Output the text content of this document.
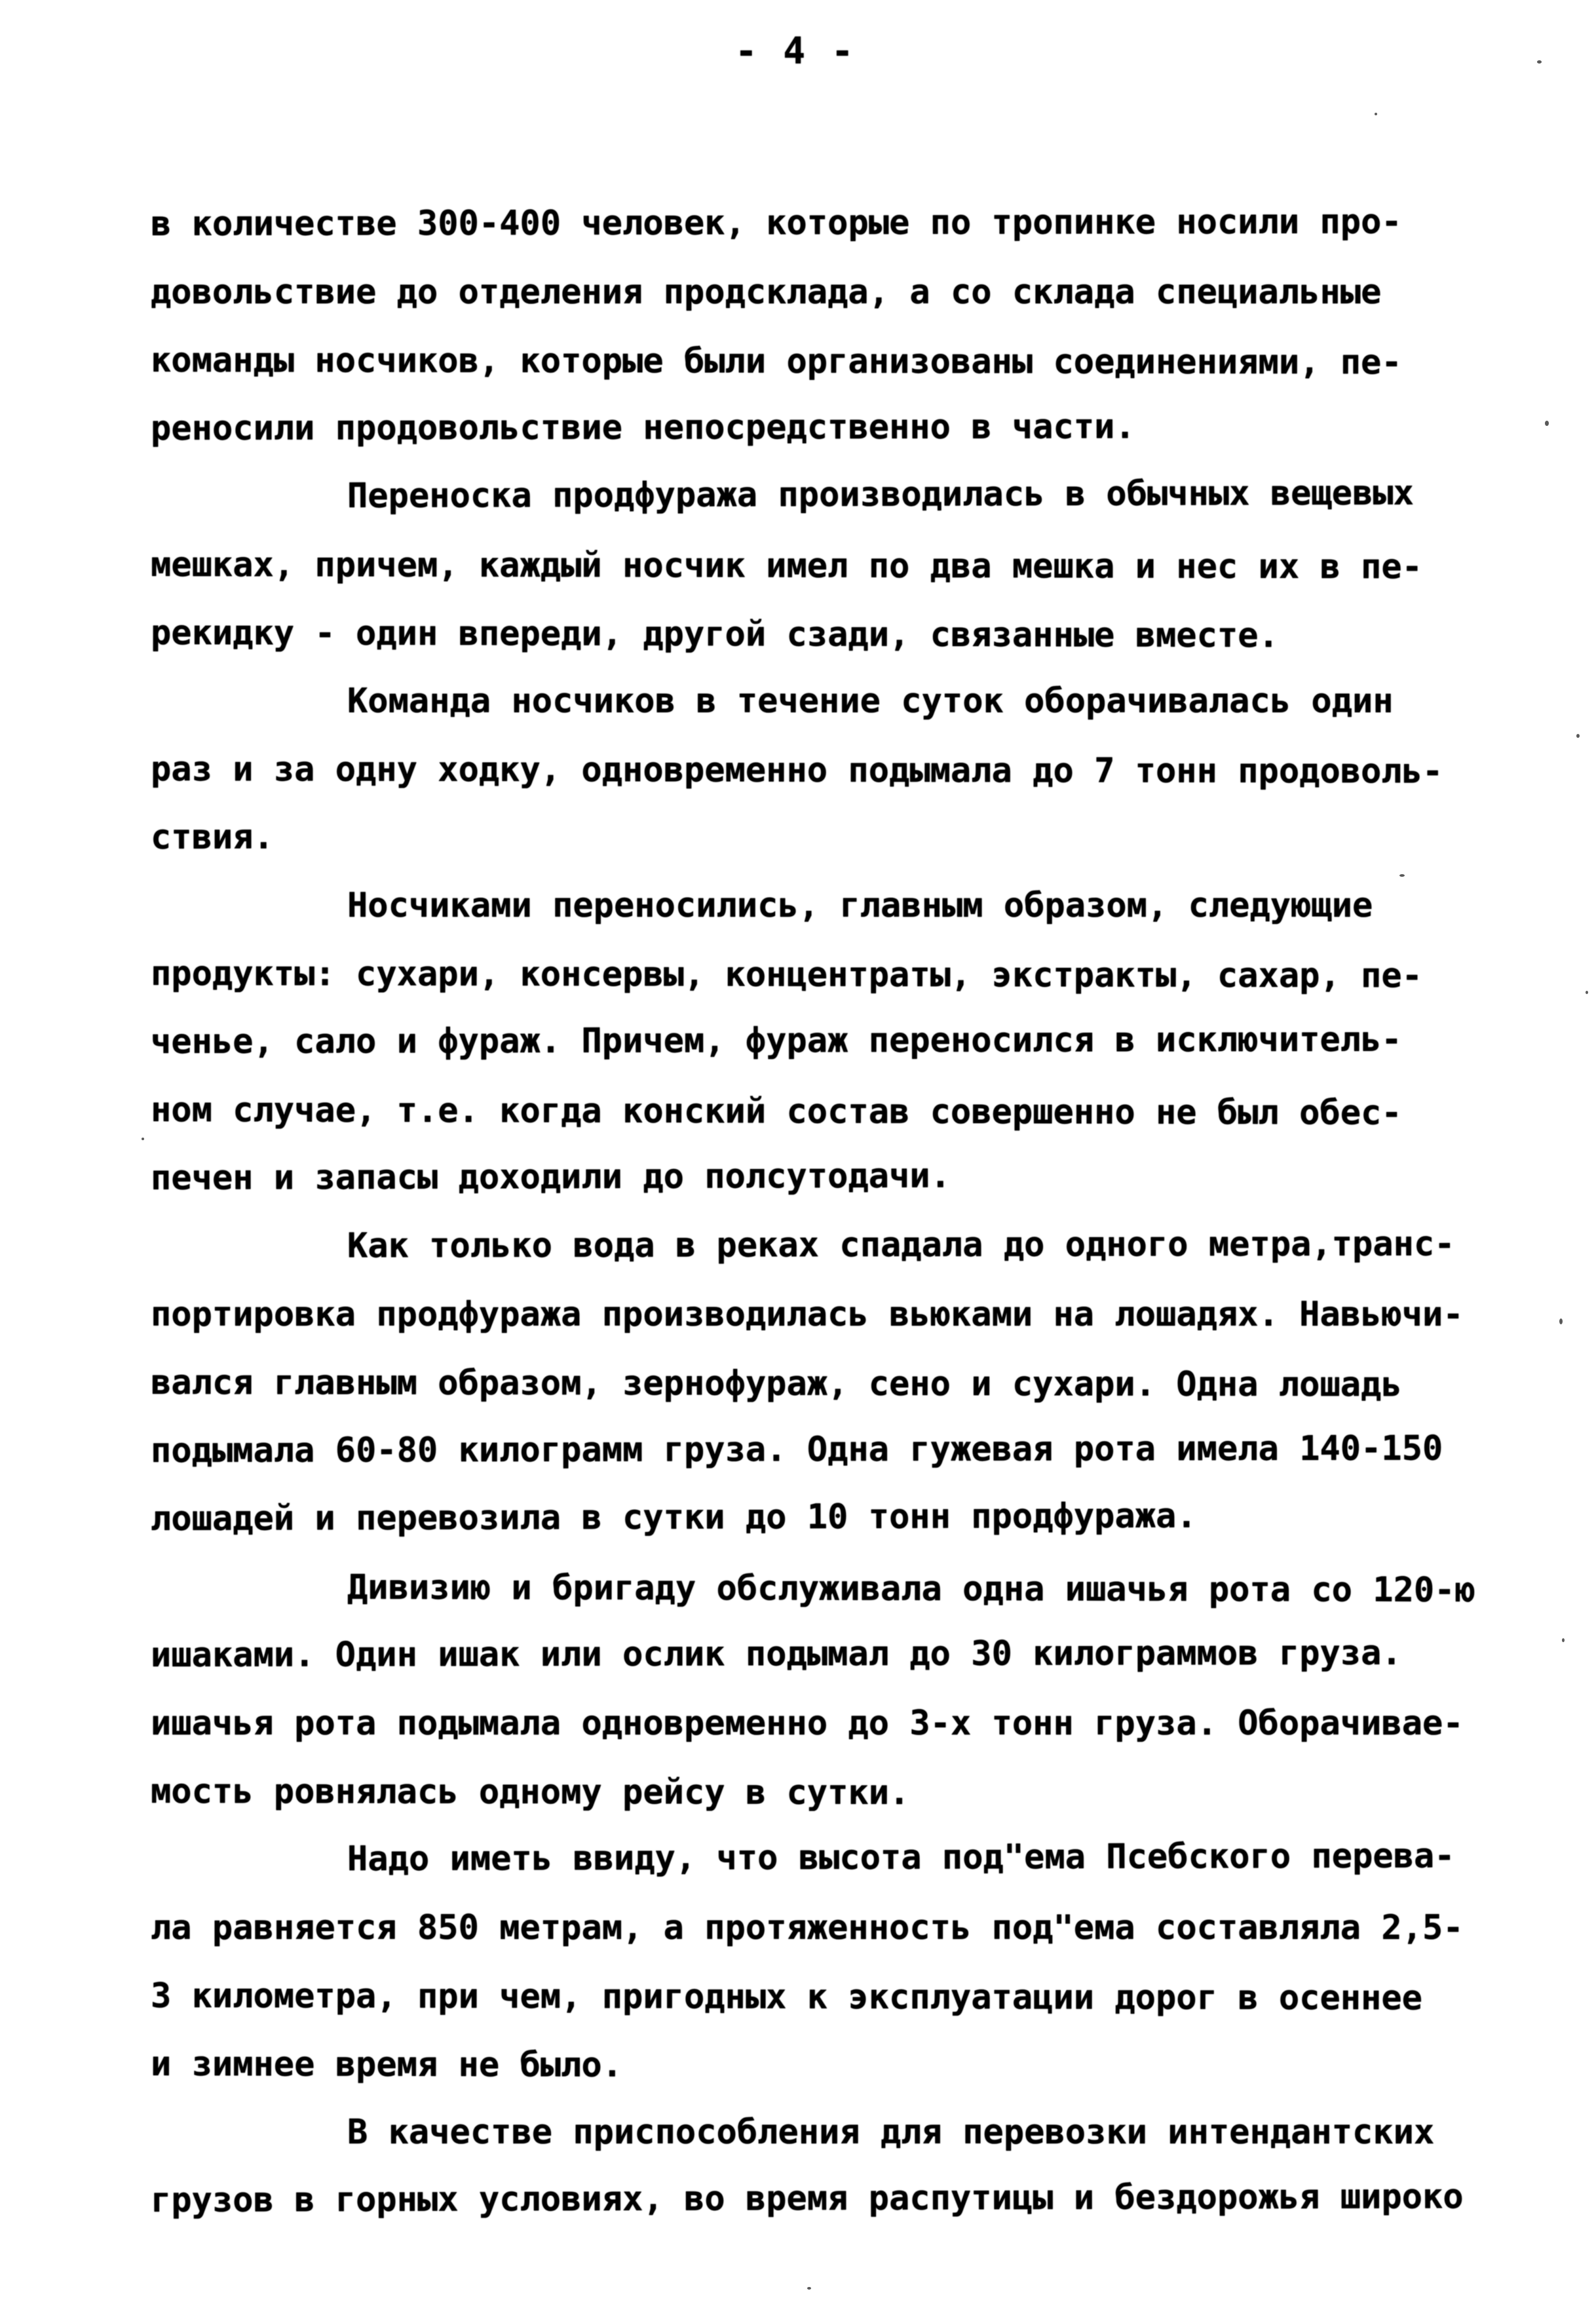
- 4 -
в количестве 300-400 человек, которые по тропинке носили про-
довольствие до отделения продсклада, а со склада специальные
команды носчиков, которые были организованы соединениями, пе-
реносили продовольствие непосредственно в части.
Переноска продфуража производилась в обычных вещевых
мешках, причем, каждый носчик имел по два мешка и нес их в пе-
рекидку - один впереди, другой сзади, связанные вместе.
Команда носчиков в течение суток оборачивалась один
раз и за одну ходку, одновременно подымала до 7 тонн продоволь-
ствия.
Носчиками переносились, главным образом, следующие
продукты: сухари, консервы, концентраты, экстракты, сахар, пе-
ченье, сало и фураж. Причем, фураж переносился в исключитель-
ном случае, т.е. когда конский состав совершенно не был обес-
печен и запасы доходили до полсутодачи.
Как только вода в реках спадала до одного метра,транс-
портировка продфуража производилась вьюками на лошадях. Навьючи-
вался главным образом, зернофураж, сено и сухари. Одна лошадь
подымала 60-80 килограмм груза. Одна гужевая рота имела 140-150
лошадей и перевозила в сутки до 10 тонн продфуража.
Дивизию и бригаду обслуживала одна ишачья рота со 120-ю
ишаками. Один ишак или ослик подымал до 30 килограммов груза.
ишачья рота подымала одновременно до 3-х тонн груза. Оборачивае-
мость ровнялась одному рейсу в сутки.
Надо иметь ввиду, что высота под"ема Псебского перева-
ла равняется 850 метрам, а протяженность под"ема составляла 2,5-
3 километра, при чем, пригодных к эксплуатации дорог в осеннее
и зимнее время не было.
В качестве приспособления для перевозки интендантских
грузов в горных условиях, во время распутицы и бездорожья широко
